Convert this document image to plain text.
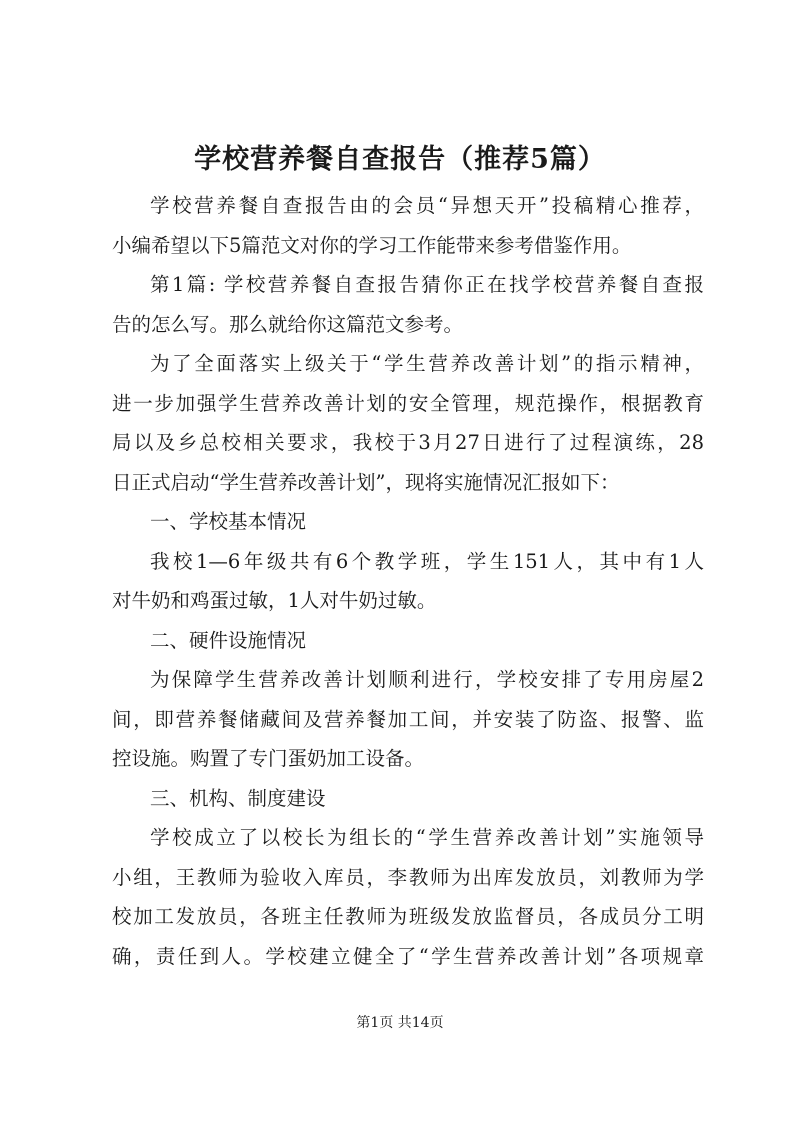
学校营养餐自查报告（推荐5篇）
学校营养餐自查报告由的会员“异想天开”投稿精心推荐，
小编希望以下5篇范文对你的学习工作能带来参考借鉴作用。
第1篇: 学校营养餐自查报告猜你正在找学校营养餐自查报
告的怎么写。那么就给你这篇范文参考。
为了全面落实上级关于“学生营养改善计划”的指示精神，
进一步加强学生营养改善计划的安全管理，规范操作，根据教育
局以及乡总校相关要求，我校于3月27日进行了过程演练，28
日正式启动“学生营养改善计划”，现将实施情况汇报如下：
一、学校基本情况
我校1—6年级共有6个教学班，学生151人，其中有1人
对牛奶和鸡蛋过敏，1人对牛奶过敏。
二、硬件设施情况
为保障学生营养改善计划顺利进行，学校安排了专用房屋2
间，即营养餐储藏间及营养餐加工间，并安装了防盗、报警、监
控设施。购置了专门蛋奶加工设备。
三、机构、制度建设
学校成立了以校长为组长的“学生营养改善计划”实施领导
小组，王教师为验收入库员，李教师为出库发放员，刘教师为学
校加工发放员，各班主任教师为班级发放监督员，各成员分工明
确，责任到人。学校建立健全了“学生营养改善计划”各项规章
第1页 共14页
